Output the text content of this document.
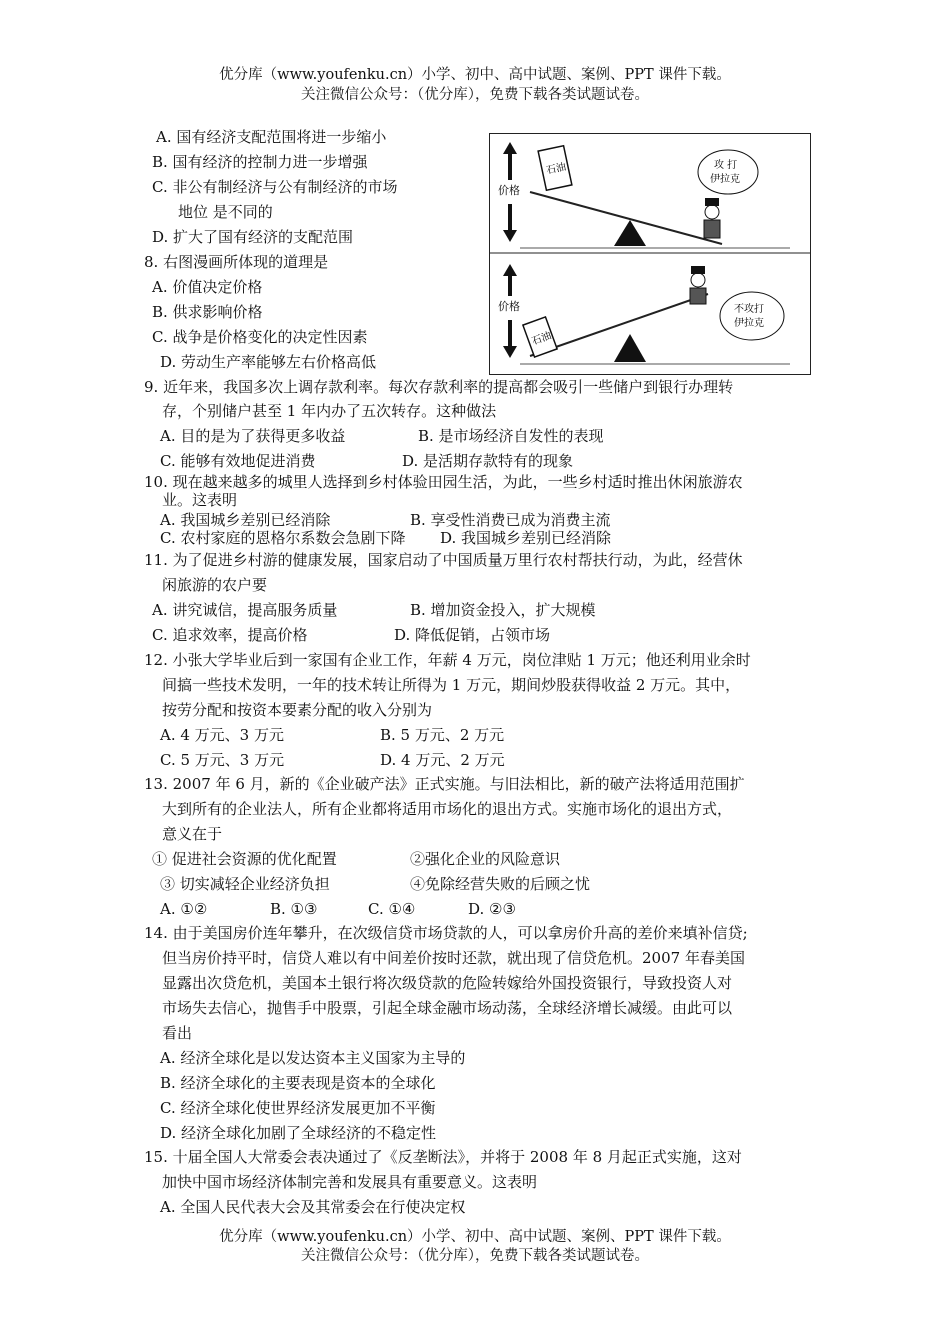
优分库（www.youfenku.cn）小学、初中、高中试题、案例、PPT 课件下载。
关注微信公众号：（优分库），免费下载各类试题试卷。
A. 国有经济支配范围将进一步缩小
B. 国有经济的控制力进一步增强
C. 非公有制经济与公有制经济的市场
地位 是不同的
D. 扩大了国有经济的支配范围
8. 右图漫画所体现的道理是
A. 价值决定价格
B. 供求影响价格
C. 战争是价格变化的决定性因素
D. 劳动生产率能够左右价格高低
价格
石油	攻 打
伊拉克
价格
石油
不攻打
伊拉克
9. 近年来，我国多次上调存款利率。每次存款利率的提高都会吸引一些储户到银行办理转
存，个别储户甚至 1 年内办了五次转存。这种做法
A. 目的是为了获得更多收益	B. 是市场经济自发性的表现
C. 能够有效地促进消费	D. 是活期存款特有的现象
10. 现在越来越多的城里人选择到乡村体验田园生活，为此，一些乡村适时推出休闲旅游农
业。这表明
A. 我国城乡差别已经消除	B. 享受性消费已成为消费主流
C. 农村家庭的恩格尔系数会急剧下降 D. 我国城乡差别已经消除
11. 为了促进乡村游的健康发展，国家启动了中国质量万里行农村帮扶行动，为此，经营休
闲旅游的农户要
A. 讲究诚信，提高服务质量	B. 增加资金投入，扩大规模
C. 追求效率，提高价格	D. 降低促销，占领市场
12. 小张大学毕业后到一家国有企业工作，年薪 4 万元，岗位津贴 1 万元；他还利用业余时
间搞一些技术发明，一年的技术转让所得为 1 万元，期间炒股获得收益 2 万元。其中，
按劳分配和按资本要素分配的收入分别为
A. 4 万元、3 万元	B. 5 万元、2 万元
C. 5 万元、3 万元	D. 4 万元、2 万元
13. 2007 年 6 月，新的《企业破产法》正式实施。与旧法相比，新的破产法将适用范围扩
大到所有的企业法人，所有企业都将适用市场化的退出方式。实施市场化的退出方式，
意义在于
① 促进社会资源的优化配置	②强化企业的风险意识
③ 切实减轻企业经济负担	④免除经营失败的后顾之忧
A. ①②	B. ①③	C. ①④	D. ②③
14. 由于美国房价连年攀升，在次级信贷市场贷款的人，可以拿房价升高的差价来填补信贷;
但当房价持平时，信贷人难以有中间差价按时还款，就出现了信贷危机。2007 年春美国
显露出次贷危机，美国本土银行将次级贷款的危险转嫁给外国投资银行，导致投资人对
市场失去信心，抛售手中股票，引起全球金融市场动荡，全球经济增长减缓。由此可以
看出
A. 经济全球化是以发达资本主义国家为主导的
B. 经济全球化的主要表现是资本的全球化
C. 经济全球化使世界经济发展更加不平衡
D. 经济全球化加剧了全球经济的不稳定性
15. 十届全国人大常委会表决通过了《反垄断法》，并将于 2008 年 8 月起正式实施，这对
加快中国市场经济体制完善和发展具有重要意义。这表明
A. 全国人民代表大会及其常委会在行使决定权
优分库（www.youfenku.cn）小学、初中、高中试题、案例、PPT 课件下载。
关注微信公众号：（优分库），免费下载各类试题试卷。
